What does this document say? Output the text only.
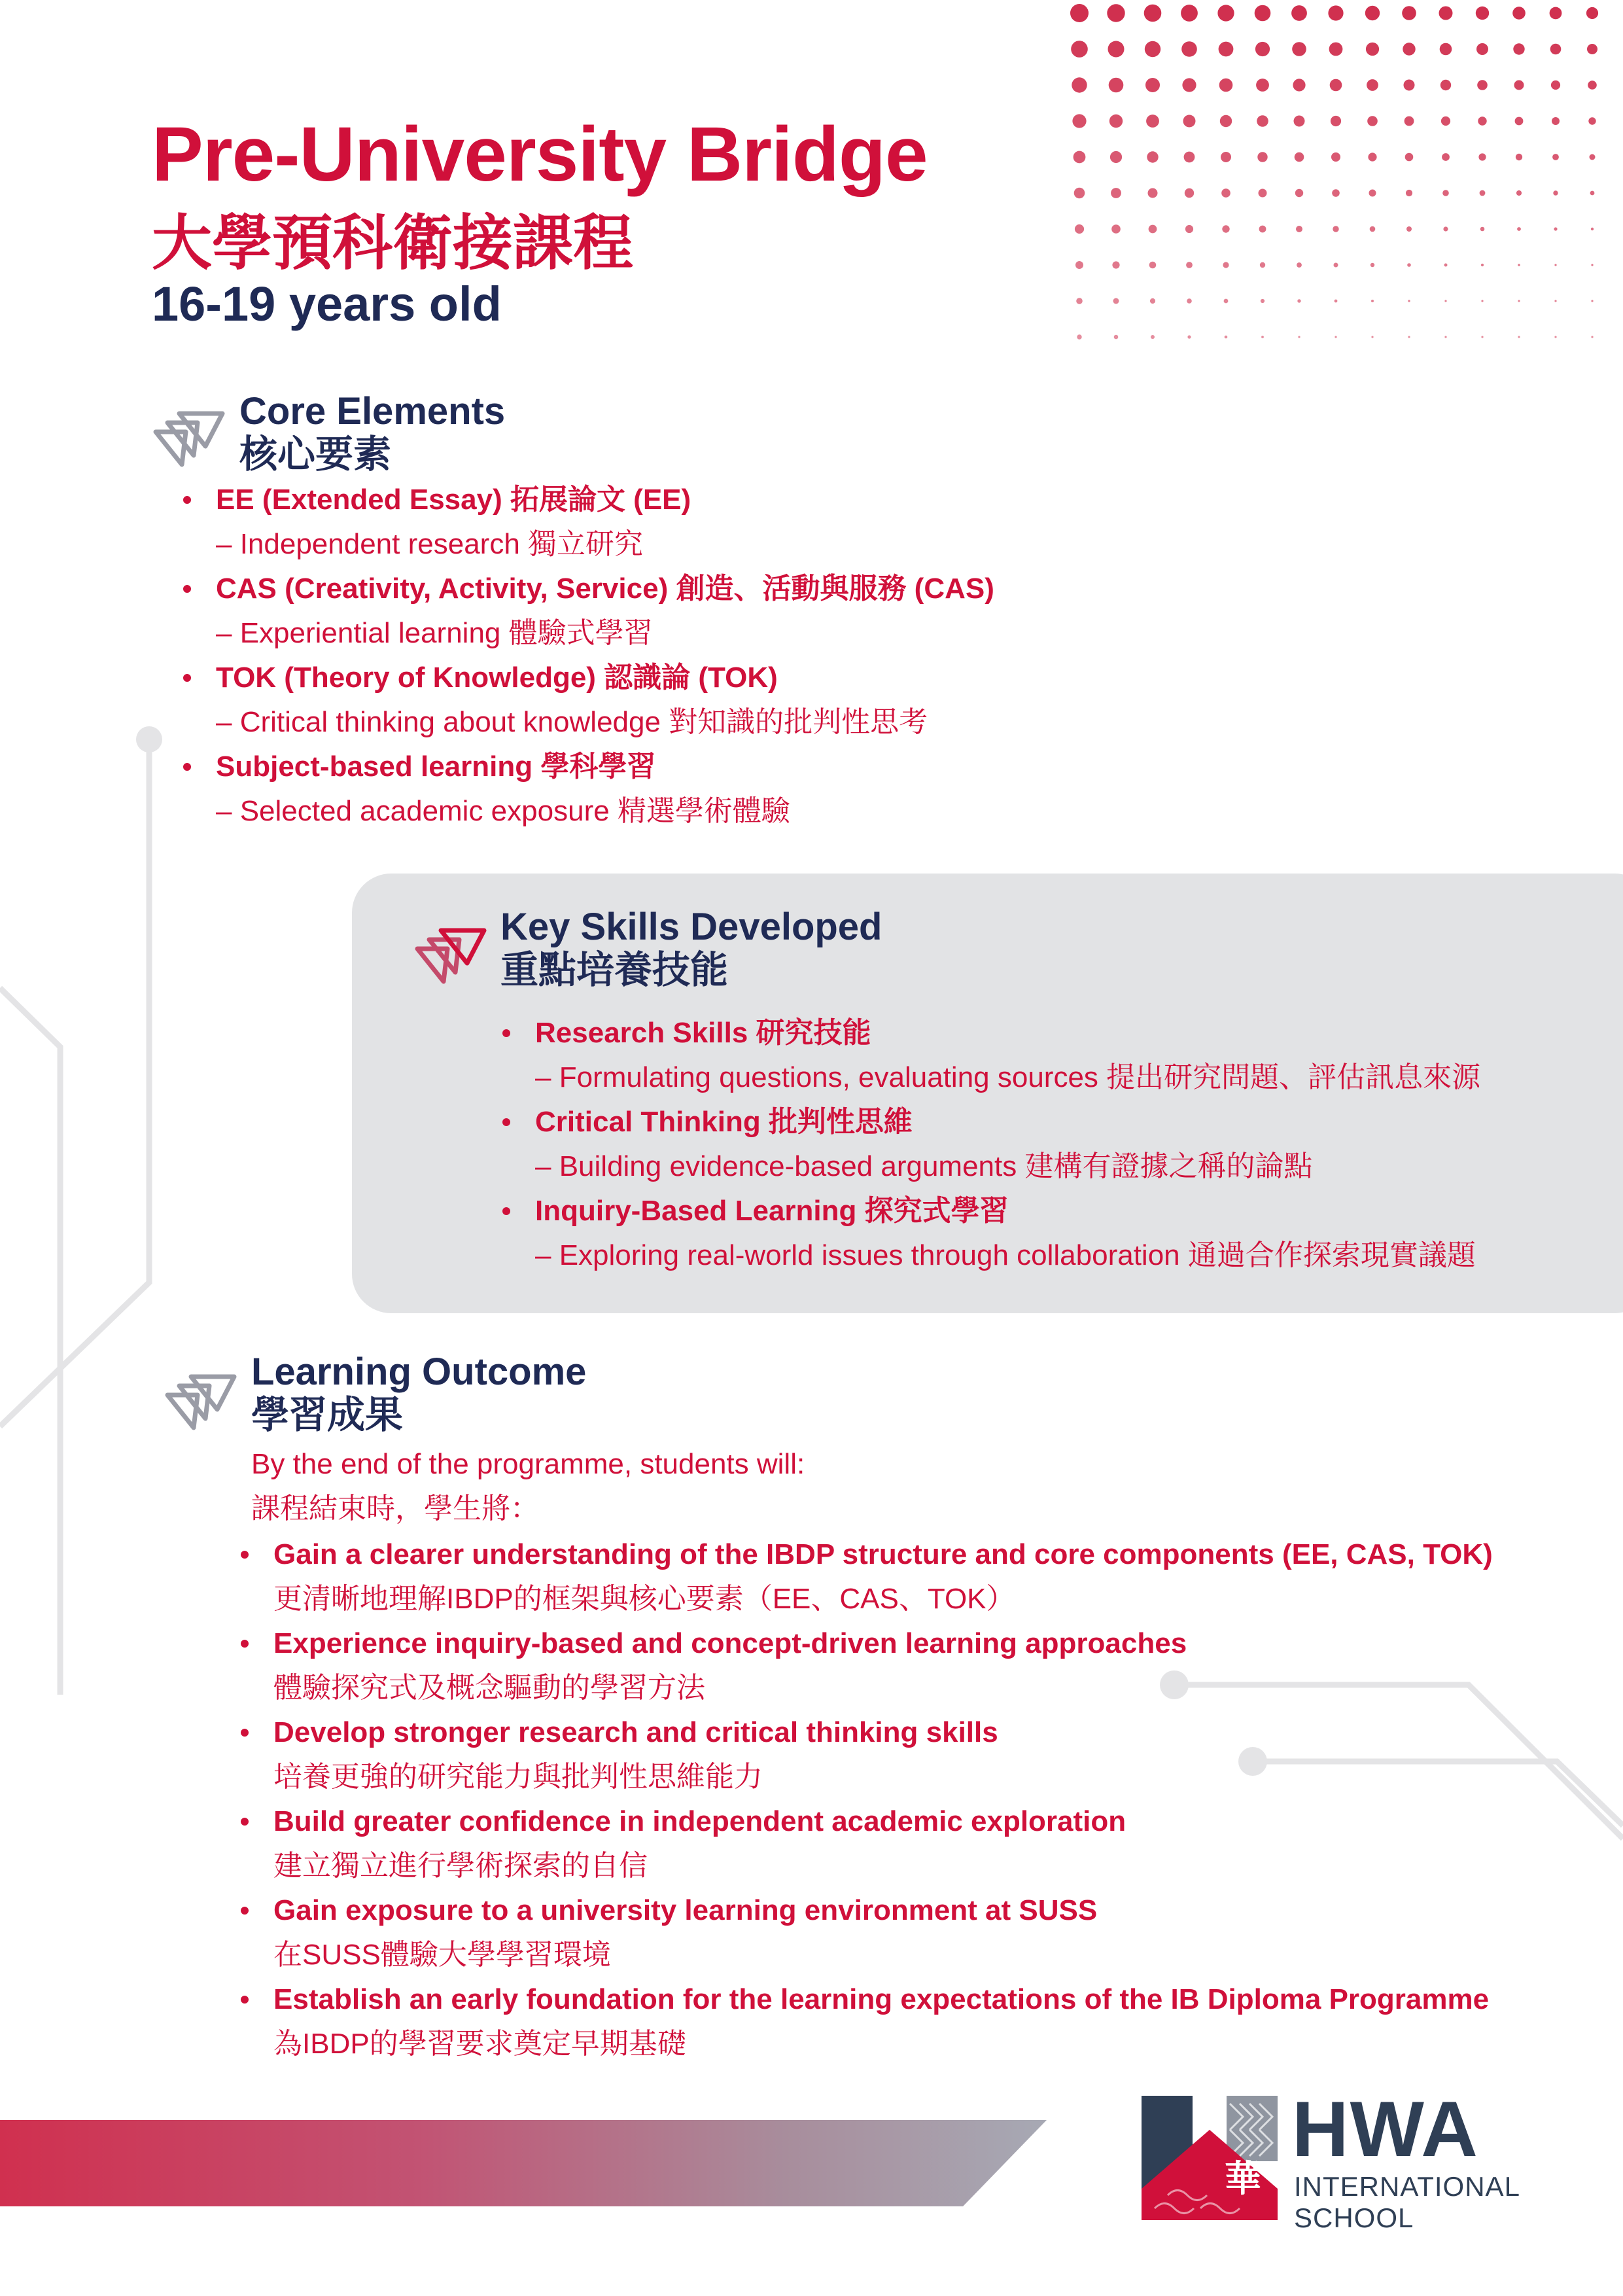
Pre-University Bridge
大學預科衛接課程
16-19 years old
Core Elements
核心要素
EE (Extended Essay) 拓展論文 (EE)
– Independent research 獨立研究
CAS (Creativity, Activity, Service) 創造、活動與服務 (CAS)
– Experiential learning 體驗式學習
TOK (Theory of Knowledge) 認識論 (TOK)
– Critical thinking about knowledge 對知識的批判性思考
Subject-based learning 學科學習
– Selected academic exposure 精選學術體驗
Key Skills Developed
重點培養技能
Research Skills 研究技能
– Formulating questions, evaluating sources 提出研究問題、評估訊息來源
Critical Thinking 批判性思維
– Building evidence-based arguments 建構有證據之稱的論點
Inquiry-Based Learning 探究式學習
– Exploring real-world issues through collaboration 通過合作探索現實議題
Learning Outcome
學習成果
By the end of the programme, students will:
課程結束時，學生將：
Gain a clearer understanding of the IBDP structure and core components (EE, CAS, TOK)
更清晰地理解IBDP的框架與核心要素（EE、CAS、TOK）
Experience inquiry-based and concept-driven learning approaches
體驗探究式及概念驅動的學習方法
Develop stronger research and critical thinking skills
培養更強的研究能力與批判性思維能力
Build greater confidence in independent academic exploration
建立獨立進行學術探索的自信
Gain exposure to a university learning environment at SUSS
在SUSS體驗大學學習環境
Establish an early foundation for the learning expectations of the IB Diploma Programme
為IBDP的學習要求奠定早期基礎
華
HWA
INTERNATIONAL
SCHOOL
